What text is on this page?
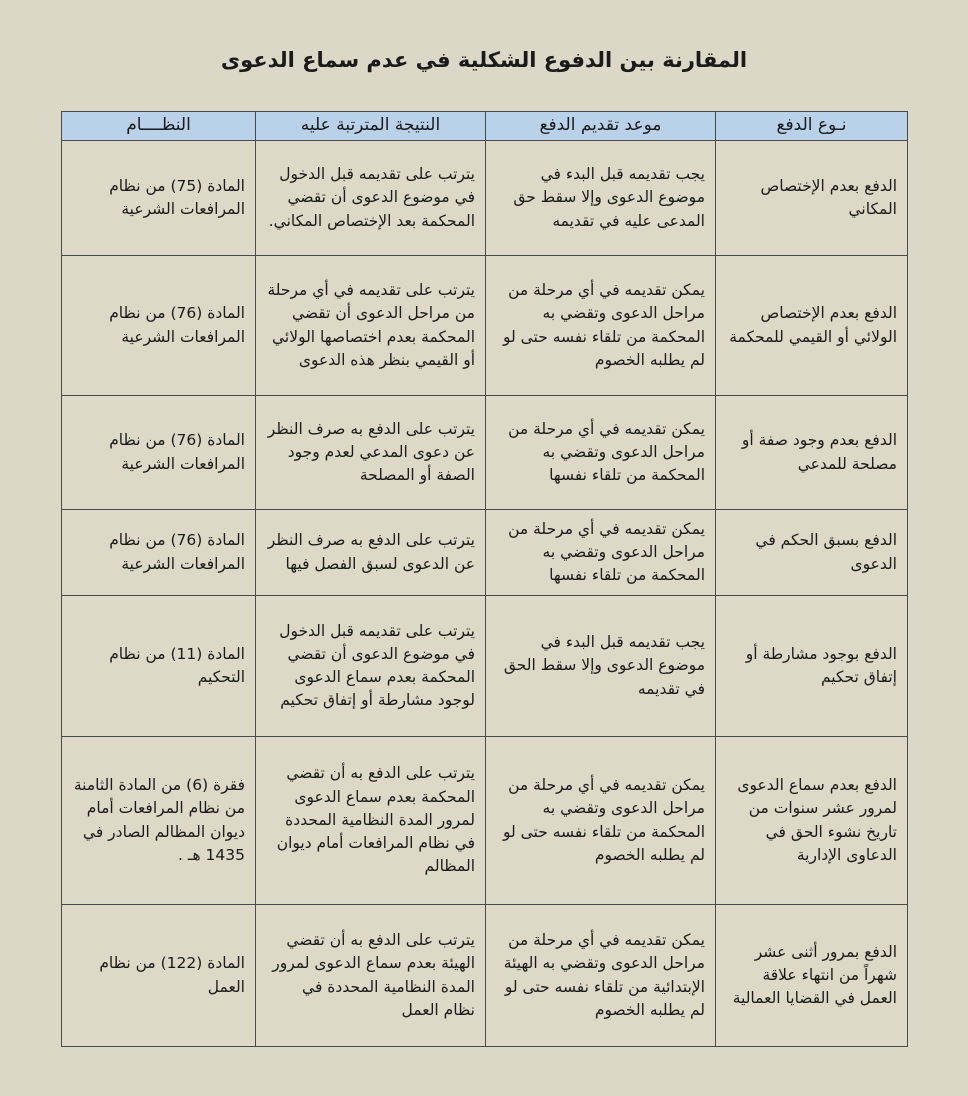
المقارنة بين الدفوع الشكلية في عدم سماع الدعوى
نـوع الدفع	موعد تقديم الدفع	النتيجة المترتبة عليه	النظــــام
الدفع بعدم الإختصاص المكاني	يجب تقديمه قبل البدء في موضوع الدعوى وإلا سقط حق المدعى عليه في تقديمه	يترتب على تقديمه قبل الدخول في موضوع الدعوى أن تقضي المحكمة بعد الإختصاص المكاني.	المادة (75) من نظام المرافعات الشرعية
الدفع بعدم الإختصاص الولائي أو القيمي للمحكمة	يمكن تقديمه في أي مرحلة من مراحل الدعوى وتقضي به المحكمة من تلقاء نفسه حتى لو لم يطلبه الخصوم	يترتب على تقديمه في أي مرحلة من مراحل الدعوى أن تقضي المحكمة بعدم اختصاصها الولائي أو القيمي بنظر هذه الدعوى	المادة (76) من نظام المرافعات الشرعية
الدفع بعدم وجود صفة أو مصلحة للمدعي	يمكن تقديمه في أي مرحلة من مراحل الدعوى وتقضي به المحكمة من تلقاء نفسها	يترتب على الدفع به صرف النظر عن دعوى المدعي لعدم وجود الصفة أو المصلحة	المادة (76) من نظام المرافعات الشرعية
الدفع بسبق الحكم في الدعوى	يمكن تقديمه في أي مرحلة من مراحل الدعوى وتقضي به المحكمة من تلقاء نفسها	يترتب على الدفع به صرف النظر عن الدعوى لسبق الفصل فيها	المادة (76) من نظام المرافعات الشرعية
الدفع بوجود مشارطة أو إتفاق تحكيم	يجب تقديمه قبل البدء في موضوع الدعوى وإلا سقط الحق في تقديمه	يترتب على تقديمه قبل الدخول في موضوع الدعوى أن تقضي المحكمة بعدم سماع الدعوى لوجود مشارطة أو إتفاق تحكيم	المادة (11) من نظام التحكيم
الدفع بعدم سماع الدعوى لمرور عشر سنوات من تاريخ نشوء الحق في الدعاوى الإدارية	يمكن تقديمه في أي مرحلة من مراحل الدعوى وتقضي به المحكمة من تلقاء نفسه حتى لو لم يطلبه الخصوم	يترتب على الدفع به أن تقضي المحكمة بعدم سماع الدعوى لمرور المدة النظامية المحددة في نظام المرافعات أمام ديوان المظالم	فقرة (6) من المادة الثامنة من نظام المرافعات أمام ديوان المظالم الصادر في 1435 هـ .
الدفع بمرور أثنى عشر شهراً من انتهاء علاقة العمل في القضايا العمالية	يمكن تقديمه في أي مرحلة من مراحل الدعوى وتقضي به الهيئة الإبتدائية من تلقاء نفسه حتى لو لم يطلبه الخصوم	يترتب على الدفع به أن تقضي الهيئة بعدم سماع الدعوى لمرور المدة النظامية المحددة في نظام العمل	المادة (122) من نظام العمل
